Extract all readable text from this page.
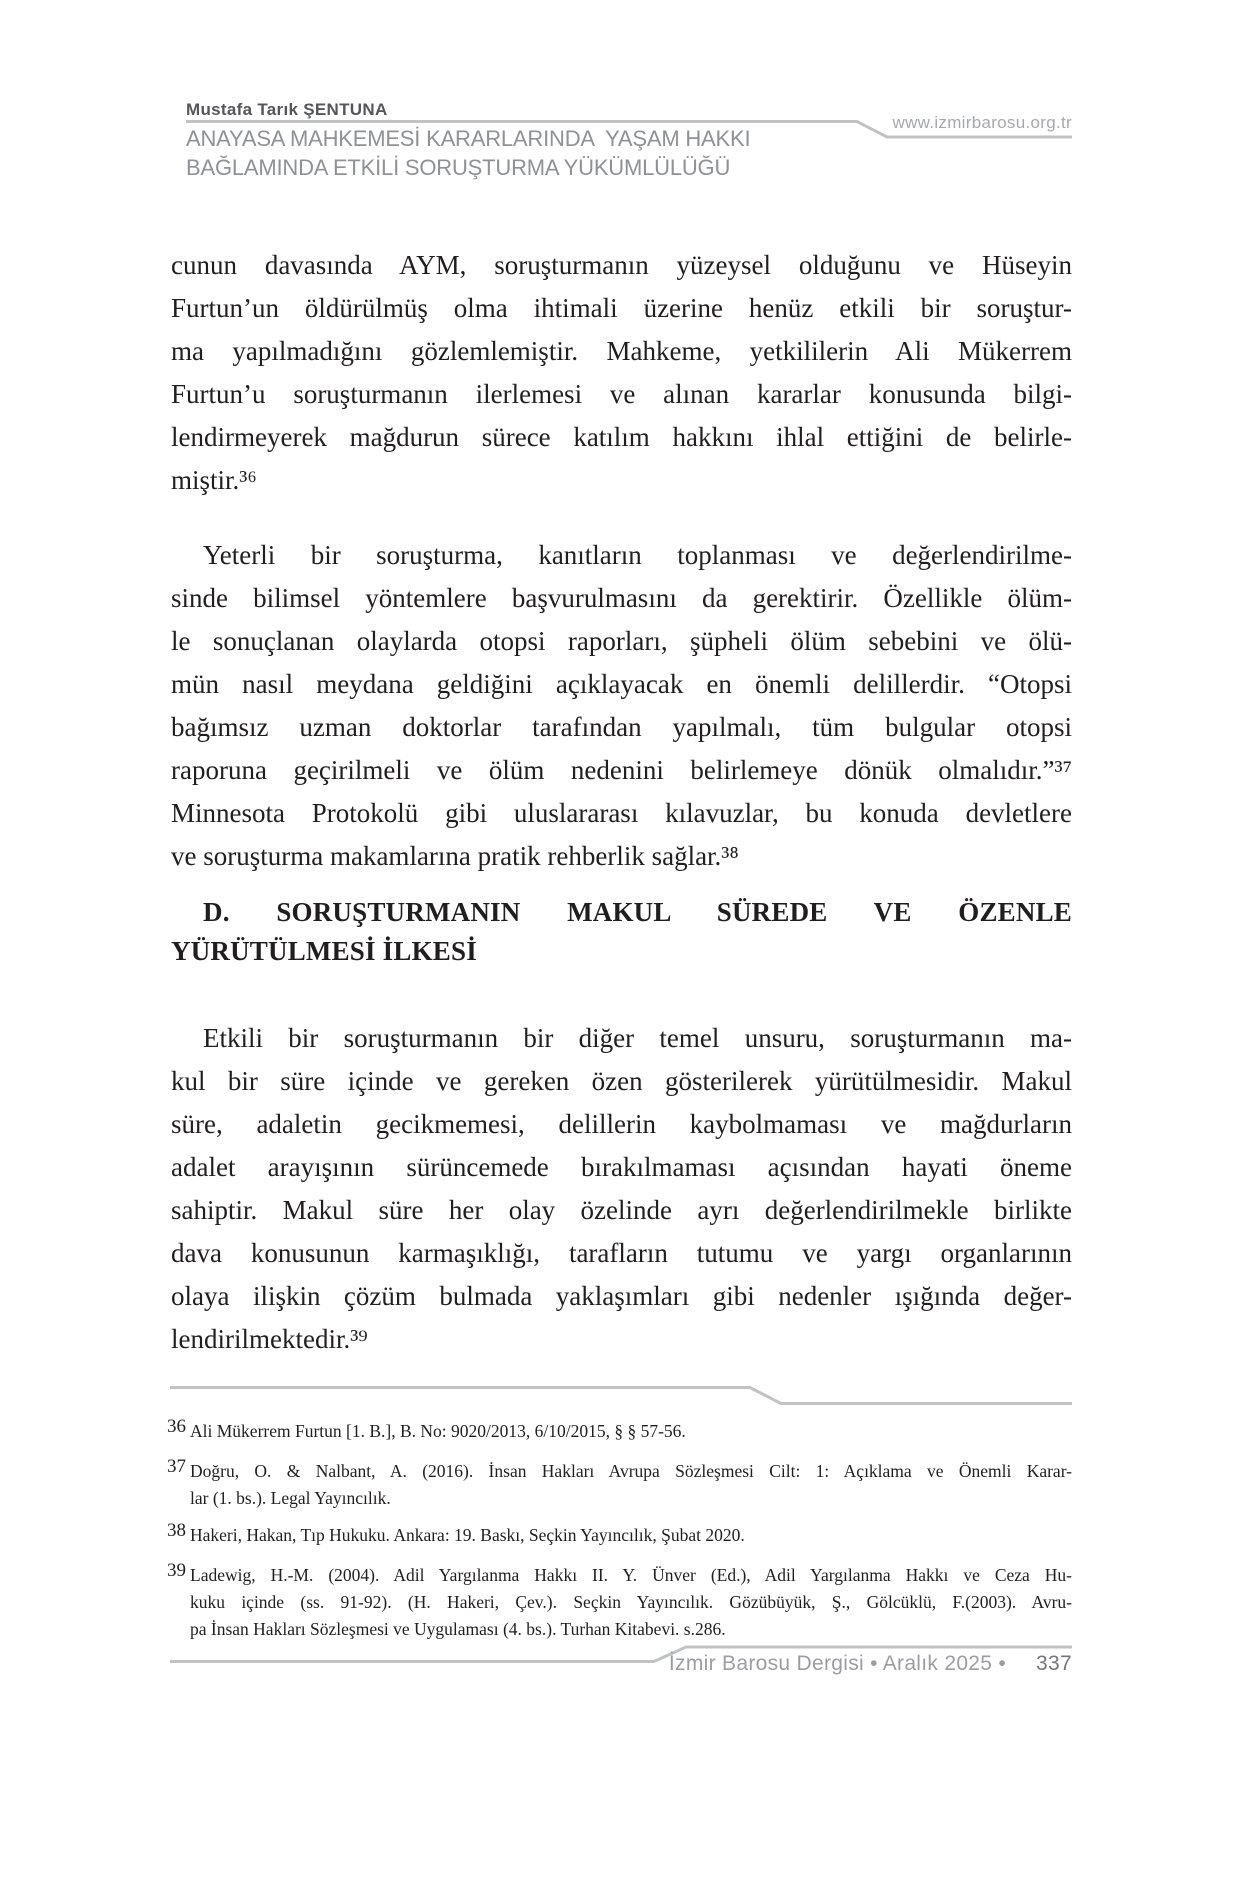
Mustafa Tarık ŞENTUNA
www.izmirbarosu.org.tr
ANAYASA MAHKEMESİ KARARLARINDA  YAŞAM HAKKI
BAĞLAMINDA ETKİLİ SORUŞTURMA YÜKÜMLÜLÜĞÜ
cunun davasında AYM, soruşturmanın yüzeysel olduğunu ve Hüseyin
Furtun’un öldürülmüş olma ihtimali üzerine henüz etkili bir soruştur-
ma yapılmadığını gözlemlemiştir. Mahkeme, yetkililerin Ali Mükerrem
Furtun’u soruşturmanın ilerlemesi ve alınan kararlar konusunda bilgi-
lendirmeyerek mağdurun sürece katılım hakkını ihlal ettiğini de belirle-
miştir.³⁶
Yeterli bir soruşturma, kanıtların toplanması ve değerlendirilme-
sinde bilimsel yöntemlere başvurulmasını da gerektirir. Özellikle ölüm-
le sonuçlanan olaylarda otopsi raporları, şüpheli ölüm sebebini ve ölü-
mün nasıl meydana geldiğini açıklayacak en önemli delillerdir. “Otopsi
bağımsız uzman doktorlar tarafından yapılmalı, tüm bulgular otopsi
raporuna geçirilmeli ve ölüm nedenini belirlemeye dönük olmalıdır.”³⁷
Minnesota Protokolü gibi uluslararası kılavuzlar, bu konuda devletlere
ve soruşturma makamlarına pratik rehberlik sağlar.³⁸
D. SORUŞTURMANIN MAKUL SÜREDE VE ÖZENLE
YÜRÜTÜLMESİ İLKESİ
Etkili bir soruşturmanın bir diğer temel unsuru, soruşturmanın ma-
kul bir süre içinde ve gereken özen gösterilerek yürütülmesidir. Makul
süre, adaletin gecikmemesi, delillerin kaybolmaması ve mağdurların
adalet arayışının sürüncemede bırakılmaması açısından hayati öneme
sahiptir. Makul süre her olay özelinde ayrı değerlendirilmekle birlikte
dava konusunun karmaşıklığı, tarafların tutumu ve yargı organlarının
olaya ilişkin çözüm bulmada yaklaşımları gibi nedenler ışığında değer-
lendirilmektedir.³⁹
36 Ali Mükerrem Furtun [1. B.], B. No: 9020/2013, 6/10/2015, § § 57-56.
37 Doğru, O. & Nalbant, A. (2016). İnsan Hakları Avrupa Sözleşmesi Cilt: 1: Açıklama ve Önemli Karar-
lar (1. bs.). Legal Yayıncılık.
38 Hakeri, Hakan, Tıp Hukuku. Ankara: 19. Baskı, Seçkin Yayıncılık, Şubat 2020.
39 Ladewig, H.-M. (2004). Adil Yargılanma Hakkı II. Y. Ünver (Ed.), Adil Yargılanma Hakkı ve Ceza Hu-
kuku içinde (ss. 91-92). (H. Hakeri, Çev.). Seçkin Yayıncılık. Gözübüyük, Ş., Gölcüklü, F.(2003). Avru-
pa İnsan Hakları Sözleşmesi ve Uygulaması (4. bs.). Turhan Kitabevi. s.286.
İzmir Barosu Dergisi • Aralık 2025 • 337
